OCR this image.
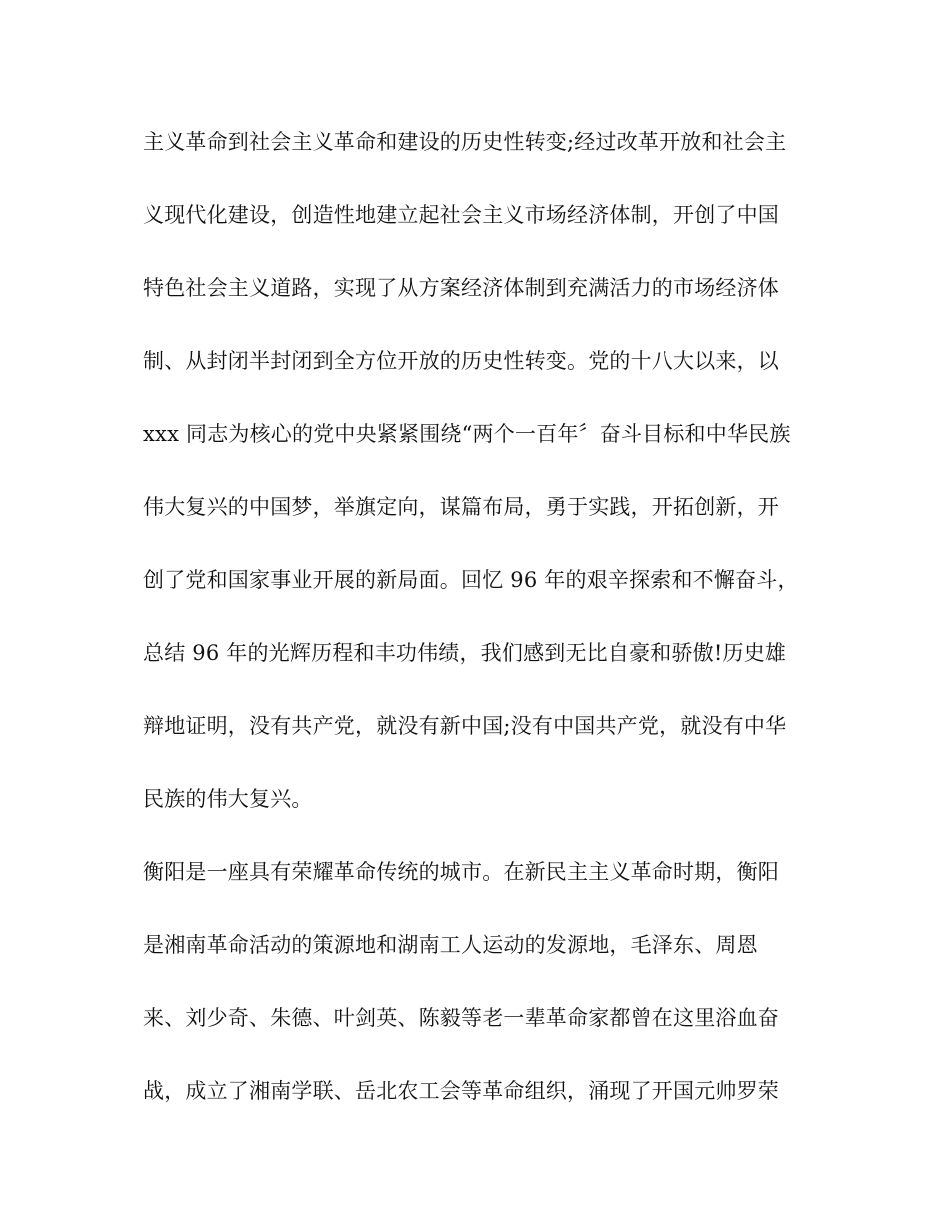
主义革命到社会主义革命和建设的历史性转变;经过改革开放和社会主
义现代化建设，创造性地建立起社会主义市场经济体制，开创了中国
特色社会主义道路，实现了从方案经济体制到充满活力的市场经济体
制、从封闭半封闭到全方位开放的历史性转变。党的十八大以来，以
xxx 同志为核心的党中央紧紧围绕“两个一百年〞奋斗目标和中华民族
伟大复兴的中国梦，举旗定向，谋篇布局，勇于实践，开拓创新，开
创了党和国家事业开展的新局面。回忆 96 年的艰辛探索和不懈奋斗，
总结 96 年的光辉历程和丰功伟绩，我们感到无比自豪和骄傲!历史雄
辩地证明，没有共产党，就没有新中国;没有中国共产党，就没有中华
民族的伟大复兴。
衡阳是一座具有荣耀革命传统的城市。在新民主主义革命时期，衡阳
是湘南革命活动的策源地和湖南工人运动的发源地，毛泽东、周恩
来、刘少奇、朱德、叶剑英、陈毅等老一辈革命家都曾在这里浴血奋
战，成立了湘南学联、岳北农工会等革命组织，涌现了开国元帅罗荣
